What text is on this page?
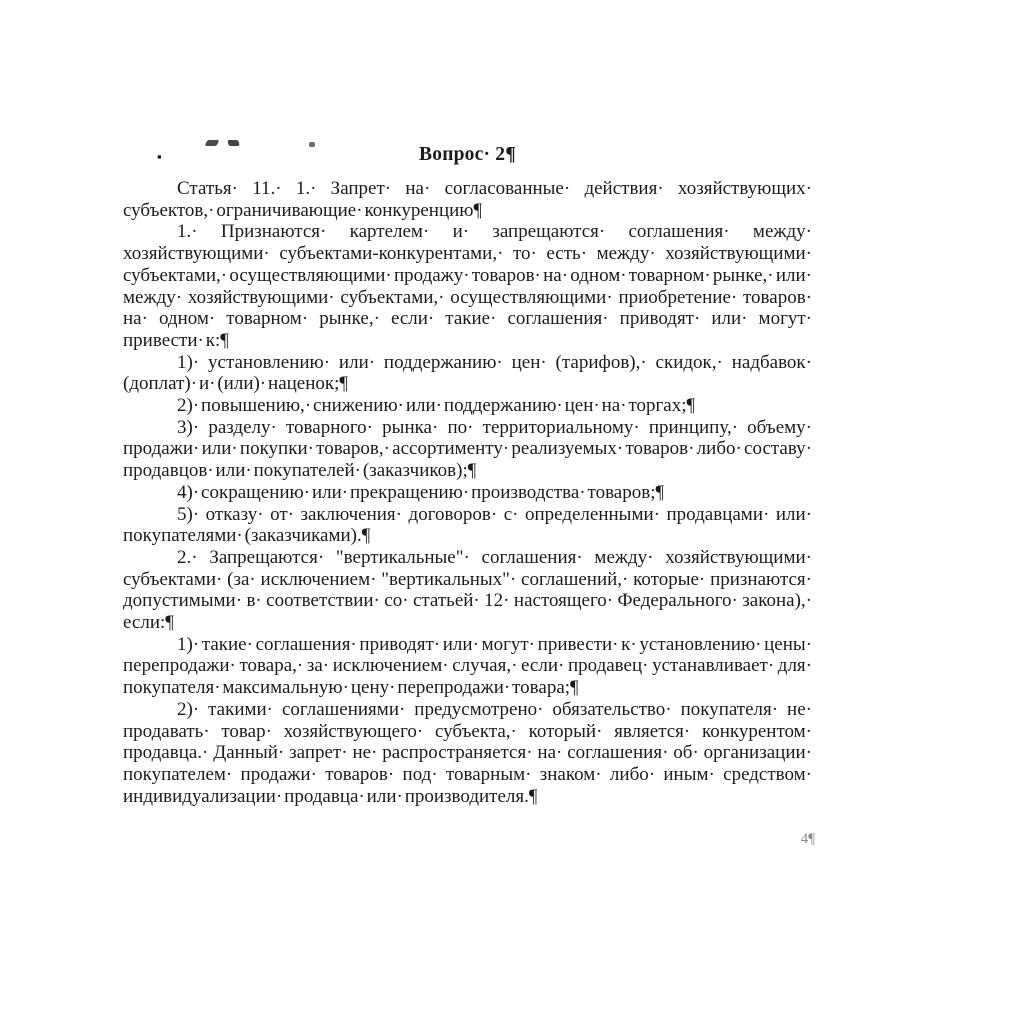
▪	Вопрос· 2¶
Статья· 11.· 1.· Запрет· на· согласованные· действия· хозяйствующих· субъектов,· ограничивающие· конкуренцию¶
1.· Признаются· картелем· и· запрещаются· соглашения· между· хозяйствующими· субъектами-конкурентами,· то· есть· между· хозяйствующими· субъектами,· осуществляющими· продажу· товаров· на· одном· товарном· рынке,· или· между· хозяйствующими· субъектами,· осуществляющими· приобретение· товаров· на· одном· товарном· рынке,· если· такие· соглашения· приводят· или· могут· привести· к:¶
1)· установлению· или· поддержанию· цен· (тарифов),· скидок,· надбавок· (доплат)· и· (или)· наценок;¶
2)· повышению,· снижению· или· поддержанию· цен· на· торгах;¶
3)· разделу· товарного· рынка· по· территориальному· принципу,· объему· продажи· или· покупки· товаров,· ассортименту· реализуемых· товаров· либо· составу· продавцов· или· покупателей· (заказчиков);¶
4)· сокращению· или· прекращению· производства· товаров;¶
5)· отказу· от· заключения· договоров· с· определенными· продавцами· или· покупателями· (заказчиками).¶
2.· Запрещаются· "вертикальные"· соглашения· между· хозяйствующими· субъектами· (за· исключением· "вертикальных"· соглашений,· которые· признаются· допустимыми· в· соответствии· со· статьей· 12· настоящего· Федерального· закона),· если:¶
1)· такие· соглашения· приводят· или· могут· привести· к· установлению· цены· перепродажи· товара,· за· исключением· случая,· если· продавец· устанавливает· для· покупателя· максимальную· цену· перепродажи· товара;¶
2)· такими· соглашениями· предусмотрено· обязательство· покупателя· не· продавать· товар· хозяйствующего· субъекта,· который· является· конкурентом· продавца.· Данный· запрет· не· распространяется· на· соглашения· об· организации· покупателем· продажи· товаров· под· товарным· знаком· либо· иным· средством· индивидуализации· продавца· или· производителя.¶
4¶
